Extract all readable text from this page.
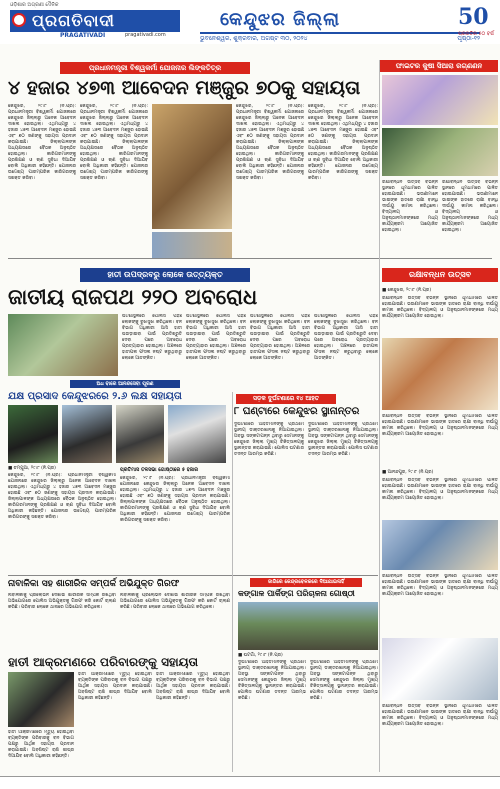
ଓଡ଼ିଶାର ଅଗ୍ରଣୀ ଦୈନିକ
ପ୍ରଗତିବାଦୀ
PRAGATIVADI	pragativadi.com
କେନ୍ଦୁଝର ଜିଲ୍ଲା
ଭୁବନେଶ୍ୱର, ଶୁକ୍ରବାର, ଅଗଷ୍ଟ ୩୦, ୨୦୨୪	ପୃଷ୍ଠା-୧୨
50
ପ୍ରଗତିର ୫୦ ବର୍ଷ
ପ୍ରଧାନମନ୍ତ୍ରୀ ବିଶ୍ୱକର୍ମା ଯୋଜନାର ଲିଙ୍କତିତ୍ର
୪ ହଜାର ୪୭୩ ଆବେଦନ ମଞ୍ଜୁର ୭୦କୁ ସହାୟତା
ଫାଇଟର କୁଷୀ ସିଆରା ରଗ୍ଣଣନ
କେନ୍ଦୁଝର, ୨୯।୮ (ନି.ପ୍ର): ପ୍ରଧାନମନ୍ତ୍ରୀ ବିଶ୍ୱକର୍ମା ଯୋଜନାରେ କେନ୍ଦୁଝର ଜିଲ୍ଲାରୁ ଅନେକ ଆବେଦନ ଦାଖଲ ହୋଇଥିଲା। ଏଥିମଧ୍ୟରୁ ୪ ହଜାର ୪୭୩ ଆବେଦନ ମଞ୍ଜୁର ହୋଇଛି ଏବଂ ୭୦ ଜଣଙ୍କୁ ସହାୟତା ପ୍ରଦାନ କରାଯାଇଛି। ଜିଲ୍ଲାପାଳଙ୍କ ଅଧ୍ୟକ୍ଷତାରେ ବୈଠକ ଅନୁଷ୍ଠିତ ହୋଇଥିଲା। କାରିଗରମାନଙ୍କୁ ପ୍ରଶିକ୍ଷଣ ଓ ଋଣ ସୁବିଧା ଦିଆଯିବ ବୋଲି ଅଧିକାରୀ କହିଛନ୍ତି। ଯୋଜନାର ଉଦ୍ଦେଶ୍ୟ ପାରମ୍ପରିକ କାରିଗରଙ୍କୁ ସଶକ୍ତ କରିବା।
କେନ୍ଦୁଝର, ୨୯।୮ (ନି.ପ୍ର): ପ୍ରଧାନମନ୍ତ୍ରୀ ବିଶ୍ୱକର୍ମା ଯୋଜନାରେ କେନ୍ଦୁଝର ଜିଲ୍ଲାରୁ ଅନେକ ଆବେଦନ ଦାଖଲ ହୋଇଥିଲା। ଏଥିମଧ୍ୟରୁ ୪ ହଜାର ୪୭୩ ଆବେଦନ ମଞ୍ଜୁର ହୋଇଛି ଏବଂ ୭୦ ଜଣଙ୍କୁ ସହାୟତା ପ୍ରଦାନ କରାଯାଇଛି। ଜିଲ୍ଲାପାଳଙ୍କ ଅଧ୍ୟକ୍ଷତାରେ ବୈଠକ ଅନୁଷ୍ଠିତ ହୋଇଥିଲା। କାରିଗରମାନଙ୍କୁ ପ୍ରଶିକ୍ଷଣ ଓ ଋଣ ସୁବିଧା ଦିଆଯିବ ବୋଲି ଅଧିକାରୀ କହିଛନ୍ତି। ଯୋଜନାର ଉଦ୍ଦେଶ୍ୟ ପାରମ୍ପରିକ କାରିଗରଙ୍କୁ ସଶକ୍ତ କରିବା।
କେନ୍ଦୁଝର, ୨୯।୮ (ନି.ପ୍ର): ପ୍ରଧାନମନ୍ତ୍ରୀ ବିଶ୍ୱକର୍ମା ଯୋଜନାରେ କେନ୍ଦୁଝର ଜିଲ୍ଲାରୁ ଅନେକ ଆବେଦନ ଦାଖଲ ହୋଇଥିଲା। ଏଥିମଧ୍ୟରୁ ୪ ହଜାର ୪୭୩ ଆବେଦନ ମଞ୍ଜୁର ହୋଇଛି ଏବଂ ୭୦ ଜଣଙ୍କୁ ସହାୟତା ପ୍ରଦାନ କରାଯାଇଛି। ଜିଲ୍ଲାପାଳଙ୍କ ଅଧ୍ୟକ୍ଷତାରେ ବୈଠକ ଅନୁଷ୍ଠିତ ହୋଇଥିଲା। କାରିଗରମାନଙ୍କୁ ପ୍ରଶିକ୍ଷଣ ଓ ଋଣ ସୁବିଧା ଦିଆଯିବ ବୋଲି ଅଧିକାରୀ କହିଛନ୍ତି। ଯୋଜନାର ଉଦ୍ଦେଶ୍ୟ ପାରମ୍ପରିକ କାରିଗରଙ୍କୁ ସଶକ୍ତ କରିବା।
କେନ୍ଦୁଝର, ୨୯।୮ (ନି.ପ୍ର): ପ୍ରଧାନମନ୍ତ୍ରୀ ବିଶ୍ୱକର୍ମା ଯୋଜନାରେ କେନ୍ଦୁଝର ଜିଲ୍ଲାରୁ ଅନେକ ଆବେଦନ ଦାଖଲ ହୋଇଥିଲା। ଏଥିମଧ୍ୟରୁ ୪ ହଜାର ୪୭୩ ଆବେଦନ ମଞ୍ଜୁର ହୋଇଛି ଏବଂ ୭୦ ଜଣଙ୍କୁ ସହାୟତା ପ୍ରଦାନ କରାଯାଇଛି। ଜିଲ୍ଲାପାଳଙ୍କ ଅଧ୍ୟକ୍ଷତାରେ ବୈଠକ ଅନୁଷ୍ଠିତ ହୋଇଥିଲା। କାରିଗରମାନଙ୍କୁ ପ୍ରଶିକ୍ଷଣ ଓ ଋଣ ସୁବିଧା ଦିଆଯିବ ବୋଲି ଅଧିକାରୀ କହିଛନ୍ତି। ଯୋଜନାର ଉଦ୍ଦେଶ୍ୟ ପାରମ୍ପରିକ କାରିଗରଙ୍କୁ ସଶକ୍ତ କରିବା।
ରକ୍ଷାବନ୍ଧନ ଉତ୍ସବ ବିଭିନ୍ନ ସ୍ଥାନରେ ଧୂମଧାମରେ ପାଳିତ ହୋଇଯାଇଛି। ଭଉଣୀମାନେ ଭାଇଙ୍କ ହାତରେ ରାକ୍ଷୀ ବାନ୍ଧି ଦୀର୍ଘାୟୁ କାମନା କରିଥିଲେ। ବିଦ୍ୟାଳୟ ଓ ଅନୁଷ୍ଠାନମାନଙ୍କରେ ମଧ୍ୟ କାର୍ଯ୍ୟକ୍ରମ ଆୟୋଜିତ ହୋଇଥିଲା।
ରକ୍ଷାବନ୍ଧନ ଉତ୍ସବ ବିଭିନ୍ନ ସ୍ଥାନରେ ଧୂମଧାମରେ ପାଳିତ ହୋଇଯାଇଛି। ଭଉଣୀମାନେ ଭାଇଙ୍କ ହାତରେ ରାକ୍ଷୀ ବାନ୍ଧି ଦୀର୍ଘାୟୁ କାମନା କରିଥିଲେ। ବିଦ୍ୟାଳୟ ଓ ଅନୁଷ୍ଠାନମାନଙ୍କରେ ମଧ୍ୟ କାର୍ଯ୍ୟକ୍ରମ ଆୟୋଜିତ ହୋଇଥିଲା।
ହାତୀ ଉପଦ୍ରବରୁ ଲୋକେ ଉତ୍ତ୍ୟକ୍ତ
ଜାତୀୟ ରାଜପଥ ୨୨୦ ଅବରୋଧ
ରକ୍ଷାବନ୍ଧନ ଉତ୍ସବ
ଘଟଣାସ୍ଥଳରେ ପୋଲିସ ପହଞ୍ଚି ଲୋକଙ୍କୁ ବୁଝାସୁଝା କରିଥିଲେ। ବନ ବିଭାଗ ଅଧିକାରୀ ଆସି ହାତୀ ଘଉଡ଼ାଇବା ପାଇଁ ପ୍ରତିଶ୍ରୁତି ଦେବା ପରେ ଅବରୋଧ ପ୍ରତ୍ୟାହାର ହୋଇଥିଲା। ଅଞ୍ଚଳରେ ହାତୀପଲ ଫସଲ ନଷ୍ଟ କରୁଥିବାରୁ ଲୋକେ ଆତଙ୍କିତ।
ଘଟଣାସ୍ଥଳରେ ପୋଲିସ ପହଞ୍ଚି ଲୋକଙ୍କୁ ବୁଝାସୁଝା କରିଥିଲେ। ବନ ବିଭାଗ ଅଧିକାରୀ ଆସି ହାତୀ ଘଉଡ଼ାଇବା ପାଇଁ ପ୍ରତିଶ୍ରୁତି ଦେବା ପରେ ଅବରୋଧ ପ୍ରତ୍ୟାହାର ହୋଇଥିଲା। ଅଞ୍ଚଳରେ ହାତୀପଲ ଫସଲ ନଷ୍ଟ କରୁଥିବାରୁ ଲୋକେ ଆତଙ୍କିତ।
ଘଟଣାସ୍ଥଳରେ ପୋଲିସ ପହଞ୍ଚି ଲୋକଙ୍କୁ ବୁଝାସୁଝା କରିଥିଲେ। ବନ ବିଭାଗ ଅଧିକାରୀ ଆସି ହାତୀ ଘଉଡ଼ାଇବା ପାଇଁ ପ୍ରତିଶ୍ରୁତି ଦେବା ପରେ ଅବରୋଧ ପ୍ରତ୍ୟାହାର ହୋଇଥିଲା। ଅଞ୍ଚଳରେ ହାତୀପଲ ଫସଲ ନଷ୍ଟ କରୁଥିବାରୁ ଲୋକେ ଆତଙ୍କିତ।
ଘଟଣାସ୍ଥଳରେ ପୋଲିସ ପହଞ୍ଚି ଲୋକଙ୍କୁ ବୁଝାସୁଝା କରିଥିଲେ। ବନ ବିଭାଗ ଅଧିକାରୀ ଆସି ହାତୀ ଘଉଡ଼ାଇବା ପାଇଁ ପ୍ରତିଶ୍ରୁତି ଦେବା ପରେ ଅବରୋଧ ପ୍ରତ୍ୟାହାର ହୋଇଥିଲା। ଅଞ୍ଚଳରେ ହାତୀପଲ ଫସଲ ନଷ୍ଟ କରୁଥିବାରୁ ଲୋକେ ଆତଙ୍କିତ।
■ କେନ୍ଦୁଝର, ୨୯।୮ (ନି.ପ୍ର)
ରକ୍ଷାବନ୍ଧନ ଉତ୍ସବ ବିଭିନ୍ନ ସ୍ଥାନରେ ଧୂମଧାମରେ ପାଳିତ ହୋଇଯାଇଛି। ଭଉଣୀମାନେ ଭାଇଙ୍କ ହାତରେ ରାକ୍ଷୀ ବାନ୍ଧି ଦୀର୍ଘାୟୁ କାମନା କରିଥିଲେ। ବିଦ୍ୟାଳୟ ଓ ଅନୁଷ୍ଠାନମାନଙ୍କରେ ମଧ୍ୟ କାର୍ଯ୍ୟକ୍ରମ ଆୟୋଜିତ ହୋଇଥିଲା।
ଅଧ ବାରେ ଆନନ୍ଦସେବା ପୂରଣ
ଯକ୍ଷ ପ୍ରସାଦ କେନ୍ଦୁଝରରେ ୨.୬ ଲକ୍ଷ ସହାୟତା
■ ଚମ୍ପୁଆ, ୨୯।୮ (ନି.ପ୍ର)
କେନ୍ଦୁଝର, ୨୯।୮ (ନି.ପ୍ର): ପ୍ରଧାନମନ୍ତ୍ରୀ ବିଶ୍ୱକର୍ମା ଯୋଜନାରେ କେନ୍ଦୁଝର ଜିଲ୍ଲାରୁ ଅନେକ ଆବେଦନ ଦାଖଲ ହୋଇଥିଲା। ଏଥିମଧ୍ୟରୁ ୪ ହଜାର ୪୭୩ ଆବେଦନ ମଞ୍ଜୁର ହୋଇଛି ଏବଂ ୭୦ ଜଣଙ୍କୁ ସହାୟତା ପ୍ରଦାନ କରାଯାଇଛି। ଜିଲ୍ଲାପାଳଙ୍କ ଅଧ୍ୟକ୍ଷତାରେ ବୈଠକ ଅନୁଷ୍ଠିତ ହୋଇଥିଲା। କାରିଗରମାନଙ୍କୁ ପ୍ରଶିକ୍ଷଣ ଓ ଋଣ ସୁବିଧା ଦିଆଯିବ ବୋଲି ଅଧିକାରୀ କହିଛନ୍ତି। ଯୋଜନାର ଉଦ୍ଦେଶ୍ୟ ପାରମ୍ପରିକ କାରିଗରଙ୍କୁ ସଶକ୍ତ କରିବା।
ପ୍ରତିମାସ ତଳସଭା ଗୋଷ୍ଠୀରେ ୫ ହଜାର
କେନ୍ଦୁଝର, ୨୯।୮ (ନି.ପ୍ର): ପ୍ରଧାନମନ୍ତ୍ରୀ ବିଶ୍ୱକର୍ମା ଯୋଜନାରେ କେନ୍ଦୁଝର ଜିଲ୍ଲାରୁ ଅନେକ ଆବେଦନ ଦାଖଲ ହୋଇଥିଲା। ଏଥିମଧ୍ୟରୁ ୪ ହଜାର ୪୭୩ ଆବେଦନ ମଞ୍ଜୁର ହୋଇଛି ଏବଂ ୭୦ ଜଣଙ୍କୁ ସହାୟତା ପ୍ରଦାନ କରାଯାଇଛି। ଜିଲ୍ଲାପାଳଙ୍କ ଅଧ୍ୟକ୍ଷତାରେ ବୈଠକ ଅନୁଷ୍ଠିତ ହୋଇଥିଲା। କାରିଗରମାନଙ୍କୁ ପ୍ରଶିକ୍ଷଣ ଓ ଋଣ ସୁବିଧା ଦିଆଯିବ ବୋଲି ଅଧିକାରୀ କହିଛନ୍ତି। ଯୋଜନାର ଉଦ୍ଦେଶ୍ୟ ପାରମ୍ପରିକ କାରିଗରଙ୍କୁ ସଶକ୍ତ କରିବା।
ସଡ଼କ ଦୁର୍ଘଟଣାରେ ୧୪ ଆହତ
୮ ଘଣ୍ଟାରେ କେନ୍ଦୁଝର ସ୍ଥାନାନ୍ତର
ଦୁର୍ଘଟଣାରେ ଆହତମାନଙ୍କୁ ପ୍ରଥମେ ସ୍ଥାନୀୟ ଡାକ୍ତରଖାନାକୁ ନିଆଯାଇଥିଲା। ଅବସ୍ଥା ସଙ୍କଟାପନ୍ନ ଥିବାରୁ ସେମାନଙ୍କୁ କେନ୍ଦୁଝର ଜିଲ୍ଲା ମୁଖ୍ୟ ଚିକିତ୍ସାଳୟକୁ ସ୍ଥାନାନ୍ତର କରାଯାଇଛି। ପୋଲିସ ଘଟଣାର ତଦନ୍ତ ଆରମ୍ଭ କରିଛି।
ଦୁର୍ଘଟଣାରେ ଆହତମାନଙ୍କୁ ପ୍ରଥମେ ସ୍ଥାନୀୟ ଡାକ୍ତରଖାନାକୁ ନିଆଯାଇଥିଲା। ଅବସ୍ଥା ସଙ୍କଟାପନ୍ନ ଥିବାରୁ ସେମାନଙ୍କୁ କେନ୍ଦୁଝର ଜିଲ୍ଲା ମୁଖ୍ୟ ଚିକିତ୍ସାଳୟକୁ ସ୍ଥାନାନ୍ତର କରାଯାଇଛି। ପୋଲିସ ଘଟଣାର ତଦନ୍ତ ଆରମ୍ଭ କରିଛି।
ରକ୍ଷାବନ୍ଧନ ଉତ୍ସବ ବିଭିନ୍ନ ସ୍ଥାନରେ ଧୂମଧାମରେ ପାଳିତ ହୋଇଯାଇଛି। ଭଉଣୀମାନେ ଭାଇଙ୍କ ହାତରେ ରାକ୍ଷୀ ବାନ୍ଧି ଦୀର୍ଘାୟୁ କାମନା କରିଥିଲେ। ବିଦ୍ୟାଳୟ ଓ ଅନୁଷ୍ଠାନମାନଙ୍କରେ ମଧ୍ୟ କାର୍ଯ୍ୟକ୍ରମ ଆୟୋଜିତ ହୋଇଥିଲା।
■ ଆନନ୍ଦପୁର, ୨୯।୮ (ନି.ପ୍ର)
ରକ୍ଷାବନ୍ଧନ ଉତ୍ସବ ବିଭିନ୍ନ ସ୍ଥାନରେ ଧୂମଧାମରେ ପାଳିତ ହୋଇଯାଇଛି। ଭଉଣୀମାନେ ଭାଇଙ୍କ ହାତରେ ରାକ୍ଷୀ ବାନ୍ଧି ଦୀର୍ଘାୟୁ କାମନା କରିଥିଲେ। ବିଦ୍ୟାଳୟ ଓ ଅନୁଷ୍ଠାନମାନଙ୍କରେ ମଧ୍ୟ କାର୍ଯ୍ୟକ୍ରମ ଆୟୋଜିତ ହୋଇଥିଲା।
ନାବାଳିକା ସହ ଶାରୀରିକ ସମ୍ପର୍କ ଅଭିଯୁକ୍ତ ଗିରଫ
ନାବାଳିକାକୁ ପ୍ରଲୋଭନ ଦେଖାଇ ଶାରୀରିକ ସମ୍ପର୍କ ରଖିଥିବା ଅଭିଯୋଗରେ ପୋଲିସ ଅଭିଯୁକ୍ତକୁ ଗିରଫ କରି କୋର୍ଟ ଚାଲାଣ କରିଛି। ପରିବାର ଲୋକେ ଥାନାରେ ଅଭିଯୋଗ କରିଥିଲେ।
ନାବାଳିକାକୁ ପ୍ରଲୋଭନ ଦେଖାଇ ଶାରୀରିକ ସମ୍ପର୍କ ରଖିଥିବା ଅଭିଯୋଗରେ ପୋଲିସ ଅଭିଯୁକ୍ତକୁ ଗିରଫ କରି କୋର୍ଟ ଚାଲାଣ କରିଛି। ପରିବାର ଲୋକେ ଥାନାରେ ଅଭିଯୋଗ କରିଥିଲେ।
ହାତୀ ଆକ୍ରମଣରେ ପରିବାରଙ୍କୁ ସହାୟତା
ହାତୀ ଆକ୍ରମଣରେ ମୃତ୍ୟୁ ହୋଇଥିବା ବ୍ୟକ୍ତିଙ୍କ ପରିବାରକୁ ବନ ବିଭାଗ ପକ୍ଷରୁ ଆର୍ଥିକ ସହାୟତା ପ୍ରଦାନ କରାଯାଇଛି। ଅବଶିଷ୍ଟ ରାଶି ଶୀଘ୍ର ଦିଆଯିବ ବୋଲି ଅଧିକାରୀ କହିଛନ୍ତି।
ହାତୀ ଆକ୍ରମଣରେ ମୃତ୍ୟୁ ହୋଇଥିବା ବ୍ୟକ୍ତିଙ୍କ ପରିବାରକୁ ବନ ବିଭାଗ ପକ୍ଷରୁ ଆର୍ଥିକ ସହାୟତା ପ୍ରଦାନ କରାଯାଇଛି। ଅବଶିଷ୍ଟ ରାଶି ଶୀଘ୍ର ଦିଆଯିବ ବୋଲି ଅଧିକାରୀ କହିଛନ୍ତି।
ହାତୀ ଆକ୍ରମଣରେ ମୃତ୍ୟୁ ହୋଇଥିବା ବ୍ୟକ୍ତିଙ୍କ ପରିବାରକୁ ବନ ବିଭାଗ ପକ୍ଷରୁ ଆର୍ଥିକ ସହାୟତା ପ୍ରଦାନ କରାଯାଇଛି। ଅବଶିଷ୍ଟ ରାଶି ଶୀଘ୍ର ଦିଆଯିବ ବୋଲି ଅଧିକାରୀ କହିଛନ୍ତି।
ଜାଗିରେ କେନ୍ଦ୍ରବେଳକରେ ଦିଆଯାଇନାହିଁ
କଙ୍ଗାଳ ପାର୍କିଙ୍ଗ ପରିଚାଳନା ଗୋଷ୍ଠୀ
■ ଘଟଗାଁ, ୨୯।୮ (ନି.ପ୍ର)
ଦୁର୍ଘଟଣାରେ ଆହତମାନଙ୍କୁ ପ୍ରଥମେ ସ୍ଥାନୀୟ ଡାକ୍ତରଖାନାକୁ ନିଆଯାଇଥିଲା। ଅବସ୍ଥା ସଙ୍କଟାପନ୍ନ ଥିବାରୁ ସେମାନଙ୍କୁ କେନ୍ଦୁଝର ଜିଲ୍ଲା ମୁଖ୍ୟ ଚିକିତ୍ସାଳୟକୁ ସ୍ଥାନାନ୍ତର କରାଯାଇଛି। ପୋଲିସ ଘଟଣାର ତଦନ୍ତ ଆରମ୍ଭ କରିଛି।
ଦୁର୍ଘଟଣାରେ ଆହତମାନଙ୍କୁ ପ୍ରଥମେ ସ୍ଥାନୀୟ ଡାକ୍ତରଖାନାକୁ ନିଆଯାଇଥିଲା। ଅବସ୍ଥା ସଙ୍କଟାପନ୍ନ ଥିବାରୁ ସେମାନଙ୍କୁ କେନ୍ଦୁଝର ଜିଲ୍ଲା ମୁଖ୍ୟ ଚିକିତ୍ସାଳୟକୁ ସ୍ଥାନାନ୍ତର କରାଯାଇଛି। ପୋଲିସ ଘଟଣାର ତଦନ୍ତ ଆରମ୍ଭ କରିଛି।
ରକ୍ଷାବନ୍ଧନ ଉତ୍ସବ ବିଭିନ୍ନ ସ୍ଥାନରେ ଧୂମଧାମରେ ପାଳିତ ହୋଇଯାଇଛି। ଭଉଣୀମାନେ ଭାଇଙ୍କ ହାତରେ ରାକ୍ଷୀ ବାନ୍ଧି ଦୀର୍ଘାୟୁ କାମନା କରିଥିଲେ। ବିଦ୍ୟାଳୟ ଓ ଅନୁଷ୍ଠାନମାନଙ୍କରେ ମଧ୍ୟ କାର୍ଯ୍ୟକ୍ରମ ଆୟୋଜିତ ହୋଇଥିଲା।
ରକ୍ଷାବନ୍ଧନ ଉତ୍ସବ ବିଭିନ୍ନ ସ୍ଥାନରେ ଧୂମଧାମରେ ପାଳିତ ହୋଇଯାଇଛି। ଭଉଣୀମାନେ ଭାଇଙ୍କ ହାତରେ ରାକ୍ଷୀ ବାନ୍ଧି ଦୀର୍ଘାୟୁ କାମନା କରିଥିଲେ। ବିଦ୍ୟାଳୟ ଓ ଅନୁଷ୍ଠାନମାନଙ୍କରେ ମଧ୍ୟ କାର୍ଯ୍ୟକ୍ରମ ଆୟୋଜିତ ହୋଇଥିଲା।
